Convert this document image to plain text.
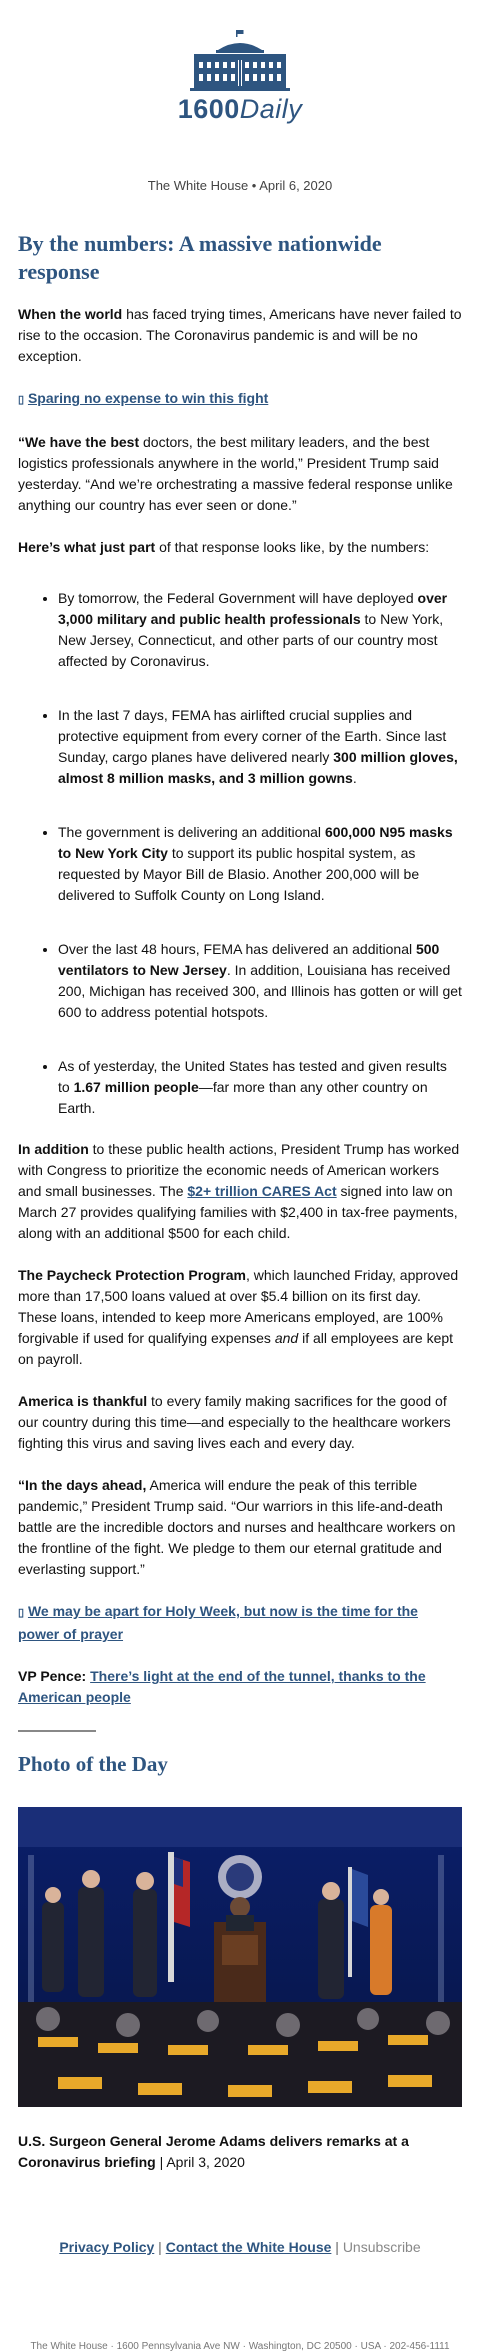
1600Daily
The White House • April 6, 2020
By the numbers: A massive nationwide response

When the world has faced trying times, Americans have never failed to rise to the occasion. The Coronavirus pandemic is and will be no exception.

▯ Sparing no expense to win this fight

“We have the best doctors, the best military leaders, and the best logistics professionals anywhere in the world,” President Trump said yesterday. “And we’re orchestrating a massive federal response unlike anything our country has ever seen or done.”

Here’s what just part of that response looks like, by the numbers:

• By tomorrow, the Federal Government will have deployed over 3,000 military and public health professionals to New York, New Jersey, Connecticut, and other parts of our country most affected by Coronavirus.
• In the last 7 days, FEMA has airlifted crucial supplies and protective equipment from every corner of the Earth. Since last Sunday, cargo planes have delivered nearly 300 million gloves, almost 8 million masks, and 3 million gowns.
• The government is delivering an additional 600,000 N95 masks to New York City to support its public hospital system, as requested by Mayor Bill de Blasio. Another 200,000 will be delivered to Suffolk County on Long Island.
• Over the last 48 hours, FEMA has delivered an additional 500 ventilators to New Jersey. In addition, Louisiana has received 200, Michigan has received 300, and Illinois has gotten or will get 600 to address potential hotspots.
• As of yesterday, the United States has tested and given results to 1.67 million people—far more than any other country on Earth.

In addition to these public health actions, President Trump has worked with Congress to prioritize the economic needs of American workers and small businesses. The $2+ trillion CARES Act signed into law on March 27 provides qualifying families with $2,400 in tax-free payments, along with an additional $500 for each child.

The Paycheck Protection Program, which launched Friday, approved more than 17,500 loans valued at over $5.4 billion on its first day. These loans, intended to keep more Americans employed, are 100% forgivable if used for qualifying expenses and if all employees are kept on payroll.

America is thankful to every family making sacrifices for the good of our country during this time—and especially to the healthcare workers fighting this virus and saving lives each and every day.

“In the days ahead, America will endure the peak of this terrible pandemic,” President Trump said. “Our warriors in this life-and-death battle are the incredible doctors and nurses and healthcare workers on the frontline of the fight. We pledge to them our eternal gratitude and everlasting support.”

▯ We may be apart for Holy Week, but now is the time for the power of prayer

VP Pence: There’s light at the end of the tunnel, thanks to the American people

Photo of the Day
U.S. Surgeon General Jerome Adams delivers remarks at a Coronavirus briefing | April 3, 2020
Privacy Policy | Contact the White House | Unsubscribe
The White House · 1600 Pennsylvania Ave NW · Washington, DC 20500 · USA · 202-456-1111
